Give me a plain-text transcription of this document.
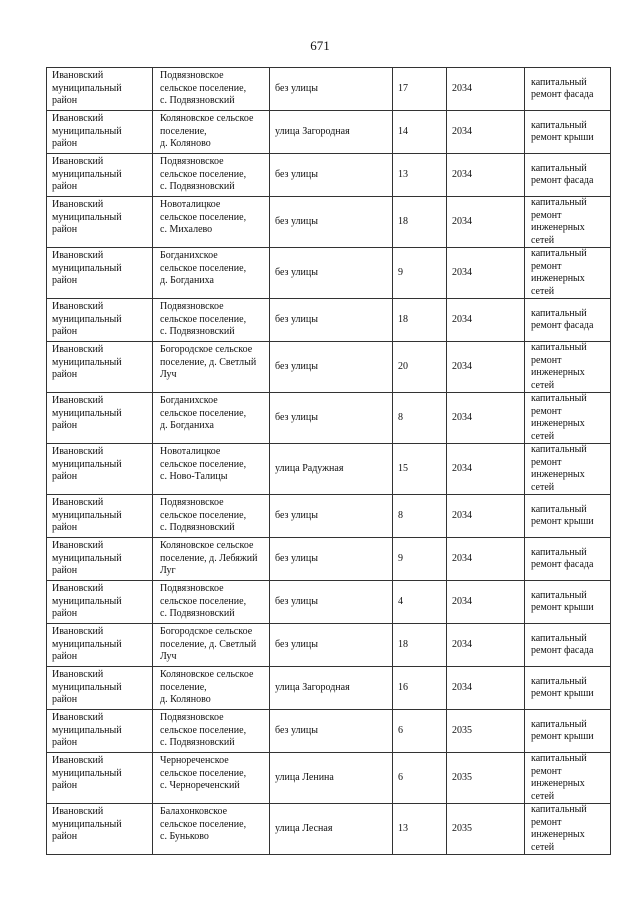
671
Ивановский
муниципальный
район	Подвязновское
сельское поселение,
с. Подвязновский	без улицы	17	2034	капитальный
ремонт фасада
Ивановский
муниципальный
район	Коляновское сельское
поселение,
д. Коляново	улица Загородная	14	2034	капитальный
ремонт крыши
Ивановский
муниципальный
район	Подвязновское
сельское поселение,
с. Подвязновский	без улицы	13	2034	капитальный
ремонт фасада
Ивановский
муниципальный
район	Новоталицкое
сельское поселение,
с. Михалево	без улицы	18	2034	капитальный
ремонт
инженерных
сетей
Ивановский
муниципальный
район	Богданихское
сельское поселение,
д. Богданиха	без улицы	9	2034	капитальный
ремонт
инженерных
сетей
Ивановский
муниципальный
район	Подвязновское
сельское поселение,
с. Подвязновский	без улицы	18	2034	капитальный
ремонт фасада
Ивановский
муниципальный
район	Богородское сельское
поселение, д. Светлый
Луч	без улицы	20	2034	капитальный
ремонт
инженерных
сетей
Ивановский
муниципальный
район	Богданихское
сельское поселение,
д. Богданиха	без улицы	8	2034	капитальный
ремонт
инженерных
сетей
Ивановский
муниципальный
район	Новоталицкое
сельское поселение,
с. Ново-Талицы	улица Радужная	15	2034	капитальный
ремонт
инженерных
сетей
Ивановский
муниципальный
район	Подвязновское
сельское поселение,
с. Подвязновский	без улицы	8	2034	капитальный
ремонт крыши
Ивановский
муниципальный
район	Коляновское сельское
поселение, д. Лебяжий
Луг	без улицы	9	2034	капитальный
ремонт фасада
Ивановский
муниципальный
район	Подвязновское
сельское поселение,
с. Подвязновский	без улицы	4	2034	капитальный
ремонт крыши
Ивановский
муниципальный
район	Богородское сельское
поселение, д. Светлый
Луч	без улицы	18	2034	капитальный
ремонт фасада
Ивановский
муниципальный
район	Коляновское сельское
поселение,
д. Коляново	улица Загородная	16	2034	капитальный
ремонт крыши
Ивановский
муниципальный
район	Подвязновское
сельское поселение,
с. Подвязновский	без улицы	6	2035	капитальный
ремонт крыши
Ивановский
муниципальный
район	Чернореченское
сельское поселение,
с. Чернореченский	улица Ленина	6	2035	капитальный
ремонт
инженерных
сетей
Ивановский
муниципальный
район	Балахонковское
сельское поселение,
с. Буньково	улица Лесная	13	2035	капитальный
ремонт
инженерных
сетей
